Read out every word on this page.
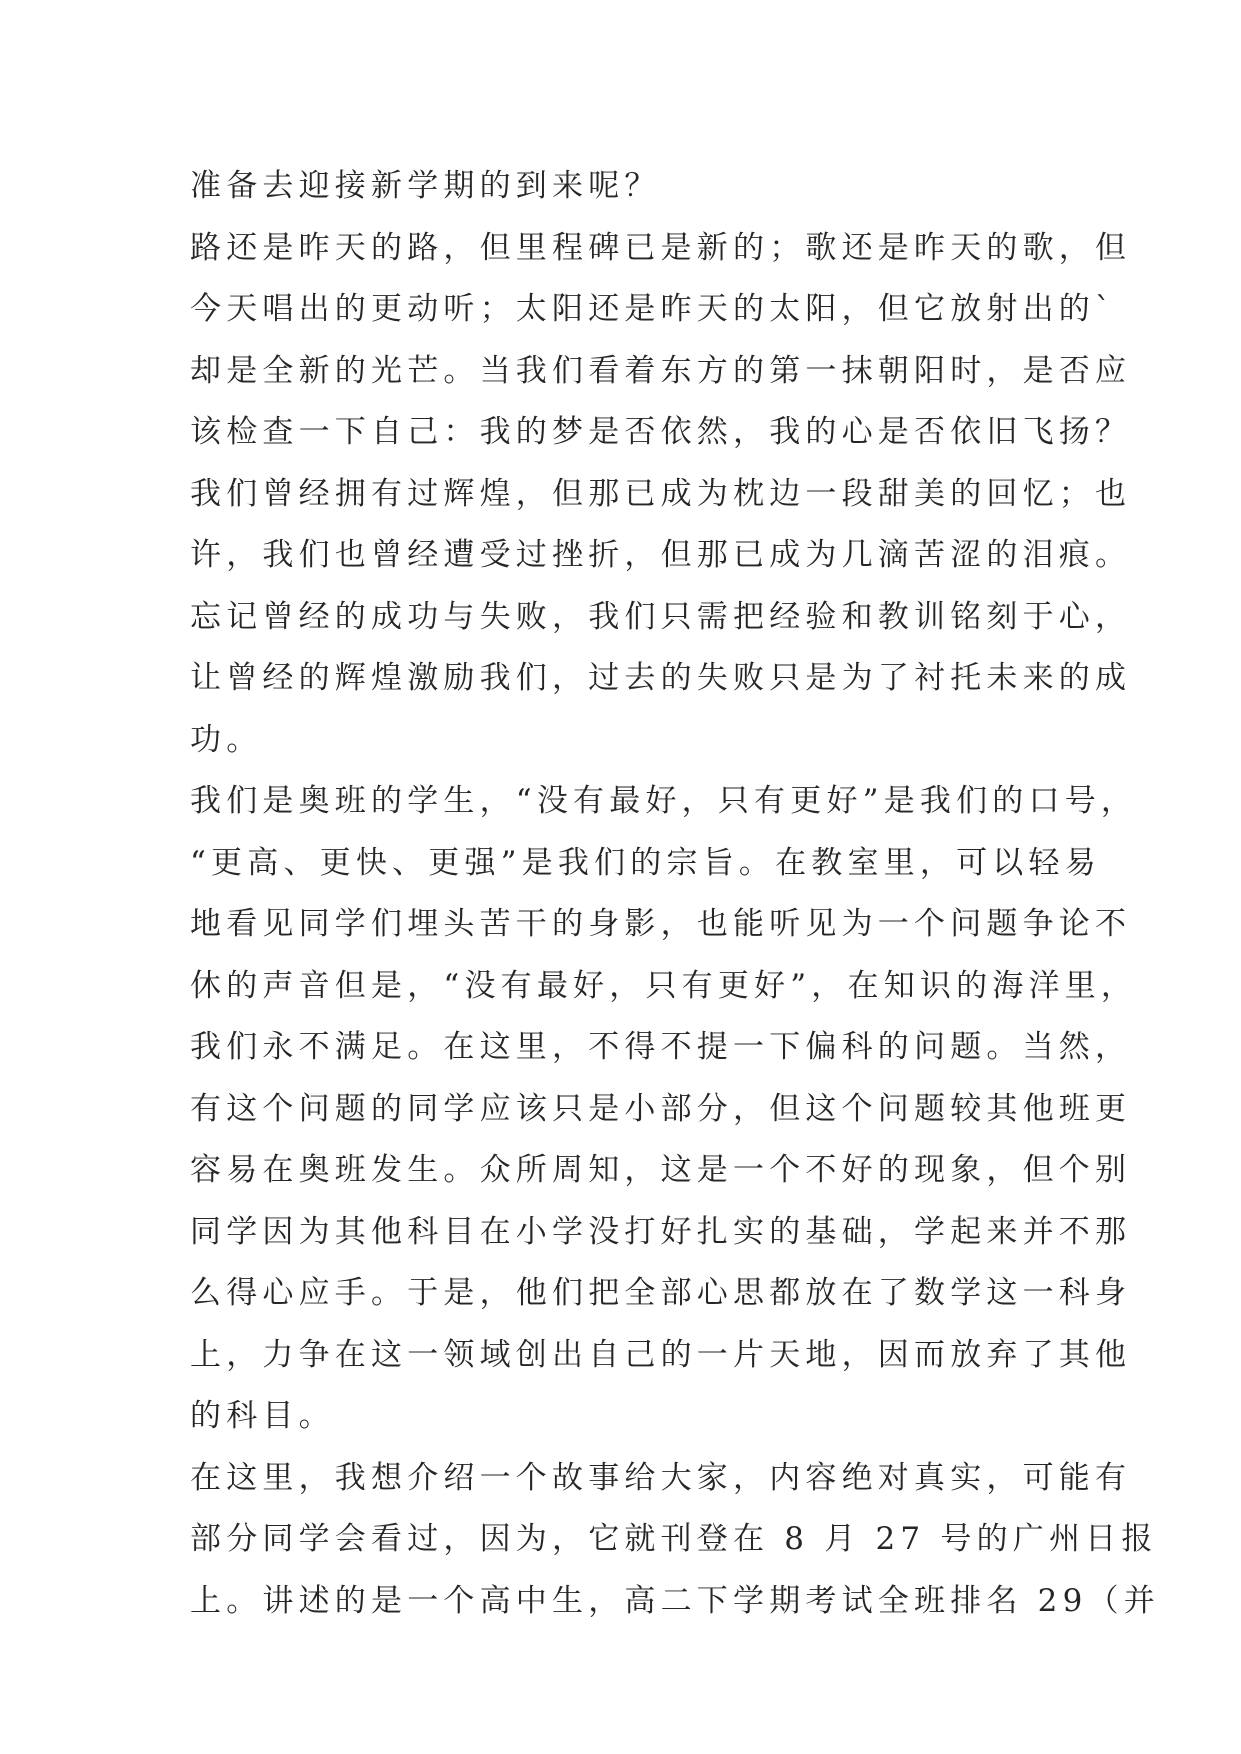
准备去迎接新学期的到来呢？
路还是昨天的路，但里程碑已是新的；歌还是昨天的歌，但
今天唱出的更动听；太阳还是昨天的太阳，但它放射出的`
却是全新的光芒。当我们看着东方的第一抹朝阳时，是否应
该检查一下自己：我的梦是否依然，我的心是否依旧飞扬？
我们曾经拥有过辉煌，但那已成为枕边一段甜美的回忆；也
许，我们也曾经遭受过挫折，但那已成为几滴苦涩的泪痕。
忘记曾经的成功与失败，我们只需把经验和教训铭刻于心，
让曾经的辉煌激励我们，过去的失败只是为了衬托未来的成
功。
我们是奥班的学生，“没有最好，只有更好”是我们的口号，
“更高、更快、更强”是我们的宗旨。在教室里，可以轻易
地看见同学们埋头苦干的身影，也能听见为一个问题争论不
休的声音但是，“没有最好，只有更好”，在知识的海洋里，
我们永不满足。在这里，不得不提一下偏科的问题。当然，
有这个问题的同学应该只是小部分，但这个问题较其他班更
容易在奥班发生。众所周知，这是一个不好的现象，但个别
同学因为其他科目在小学没打好扎实的基础，学起来并不那
么得心应手。于是，他们把全部心思都放在了数学这一科身
上，力争在这一领域创出自己的一片天地，因而放弃了其他
的科目。
在这里，我想介绍一个故事给大家，内容绝对真实，可能有
部分同学会看过，因为，它就刊登在 8 月 27 号的广州日报
上。讲述的是一个高中生，高二下学期考试全班排名 29（并
